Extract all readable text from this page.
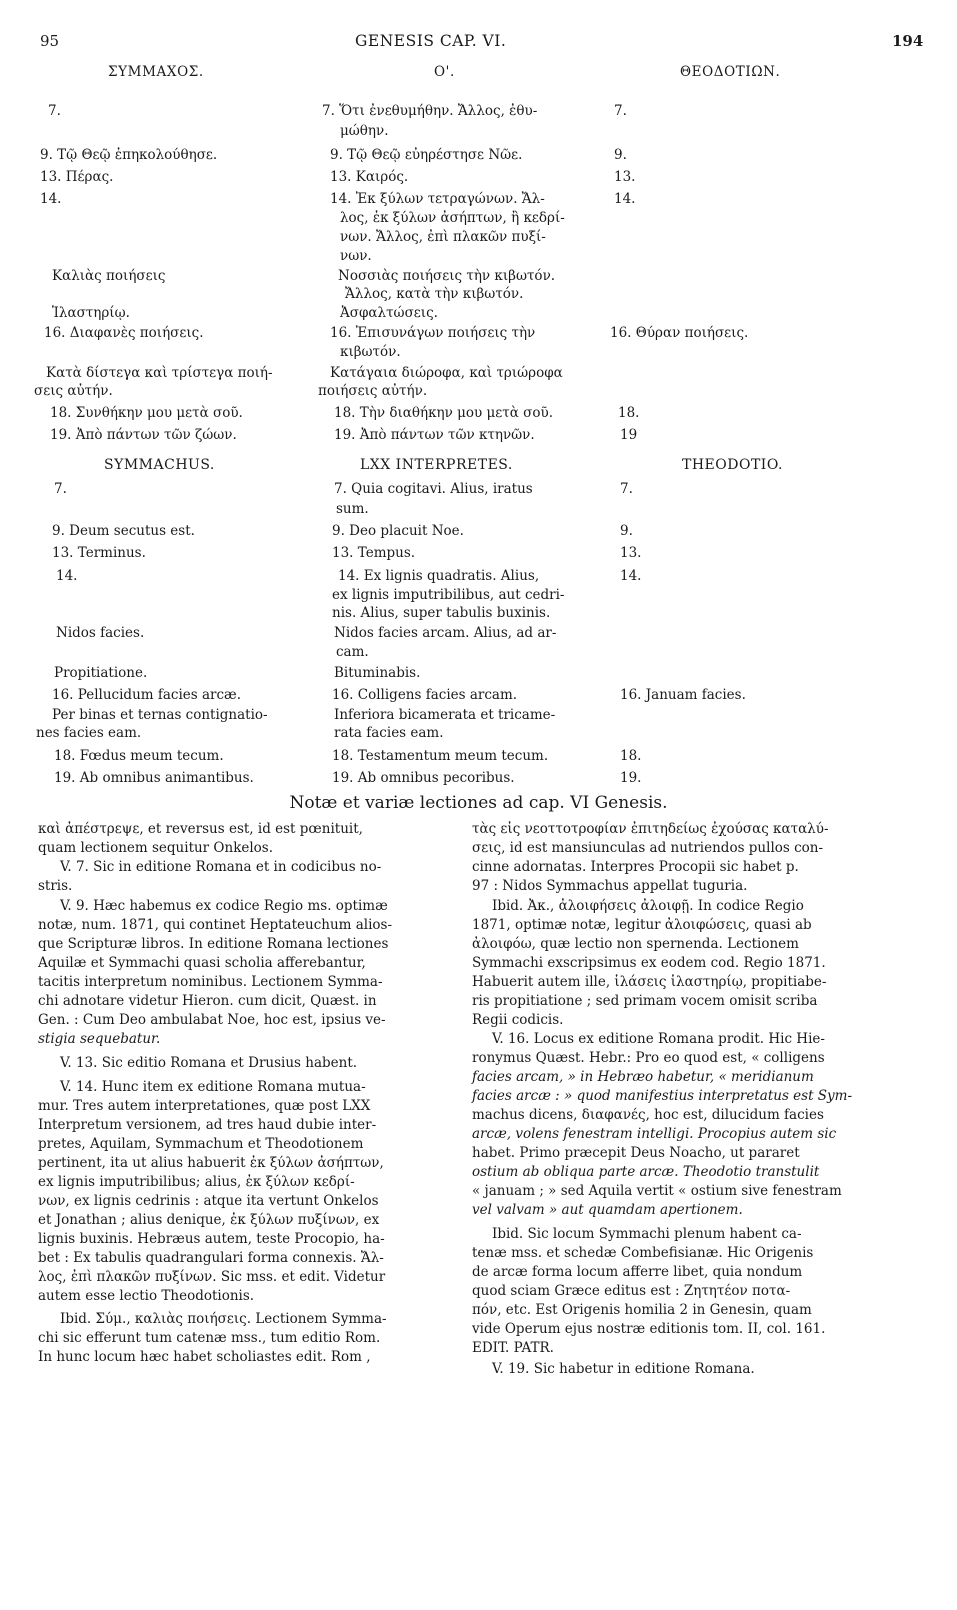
95	GENESIS CAP. VI.	194
ΣΥΜΜΑΧΟΣ.	Ο'.	ΘΕΟΔΟΤΙΩΝ.
7.	7. Ὅτι ἐνεθυμήθην. Ἄλλος, ἐθυ-	7.
μώθην.
9. Τῷ Θεῷ ἐπηκολούθησε.	9. Τῷ Θεῷ εὐηρέστησε Νῶε.	9.
13. Πέρας.	13. Καιρός.	13.
14.	14. Ἐκ ξύλων τετραγώνων. Ἄλ-	14.
λος, ἐκ ξύλων ἀσήπτων, ἢ κεδρί-
νων. Ἄλλος, ἐπὶ πλακῶν πυξί-
νων.
Καλιὰς ποιήσεις	Νοσσιὰς ποιήσεις τὴν κιβωτόν.
Ἄλλος, κατὰ τὴν κιβωτόν.
Ἱλαστηρίῳ.	Ἀσφαλτώσεις.
16. Διαφανὲς ποιήσεις.	16. Ἐπισυνάγων ποιήσεις τὴν	16. Θύραν ποιήσεις.
κιβωτόν.
Κατὰ δίστεγα καὶ τρίστεγα ποιή-	Κατάγαια διώροφα, καὶ τριώροφα
σεις αὐτήν.	ποιήσεις αὐτήν.
18. Συνθήκην μου μετὰ σοῦ.	18. Τὴν διαθήκην μου μετὰ σοῦ.	18.
19. Ἀπὸ πάντων τῶν ζώων.	19. Ἀπὸ πάντων τῶν κτηνῶν.	19
SYMMACHUS.	LXX INTERPRETES.	THEODOTIO.
7.	7. Quia cogitavi. Alius, iratus	7.
sum.
9. Deum secutus est.	9. Deo placuit Noe.	9.
13. Terminus.	13. Tempus.	13.
14.	14. Ex lignis quadratis. Alius,	14.
ex lignis imputribilibus, aut cedri-
nis. Alius, super tabulis buxinis.
Nidos facies.	Nidos facies arcam. Alius, ad ar-
cam.
Propitiatione.	Bituminabis.
16. Pellucidum facies arcæ.	16. Colligens facies arcam.	16. Januam facies.
Per binas et ternas contignatio-	Inferiora bicamerata et tricame-
nes facies eam.	rata facies eam.
18. Fœdus meum tecum.	18. Testamentum meum tecum.	18.
19. Ab omnibus animantibus.	19. Ab omnibus pecoribus.	19.
Notæ et variæ lectiones ad cap. VI Genesis.
καὶ ἀπέστρεψε, et reversus est, id est pœnituit,
quam lectionem sequitur Onkelos.
V. 7. Sic in editione Romana et in codicibus no-
stris.
V. 9. Hæc habemus ex codice Regio ms. optimæ
notæ, num. 1871, qui continet Heptateuchum alios-
que Scripturæ libros. In editione Romana lectiones
Aquilæ et Symmachi quasi scholia afferebantur,
tacitis interpretum nominibus. Lectionem Symma-
chi adnotare videtur Hieron. cum dicit, Quæst. in
Gen. : Cum Deo ambulabat Noe, hoc est, ipsius ve-
stigia sequebatur.
V. 13. Sic editio Romana et Drusius habent.
V. 14. Hunc item ex editione Romana mutua-
mur. Tres autem interpretationes, quæ post LXX
Interpretum versionem, ad tres haud dubie inter-
pretes, Aquilam, Symmachum et Theodotionem
pertinent, ita ut alius habuerit ἐκ ξύλων ἀσήπτων,
ex lignis imputribilibus; alius, ἐκ ξύλων κεδρί-
νων, ex lignis cedrinis : atque ita vertunt Onkelos
et Jonathan ; alius denique, ἐκ ξύλων πυξίνων, ex
lignis buxinis. Hebræus autem, teste Procopio, ha-
bet : Ex tabulis quadrangulari forma connexis. Ἄλ-
λος, ἐπὶ πλακῶν πυξίνων. Sic mss. et edit. Videtur
autem esse lectio Theodotionis.
Ibid. Σύμ., καλιὰς ποιήσεις. Lectionem Symma-
chi sic efferunt tum catenæ mss., tum editio Rom.
In hunc locum hæc habet scholiastes edit. Rom ,
τὰς εἰς νεοττοτροφίαν ἐπιτηδείως ἐχούσας καταλύ-
σεις, id est mansiunculas ad nutriendos pullos con-
cinne adornatas. Interpres Procopii sic habet p.
97 : Nidos Symmachus appellat tuguria.
Ibid. Ἀκ., ἀλοιφήσεις ἀλοιφῇ. In codice Regio
1871, optimæ notæ, legitur ἀλοιφώσεις, quasi ab
ἀλοιφόω, quæ lectio non spernenda. Lectionem
Symmachi exscripsimus ex eodem cod. Regio 1871.
Habuerit autem ille, ἱλάσεις ἱλαστηρίῳ, propitiabe-
ris propitiatione ; sed primam vocem omisit scriba
Regii codicis.
V. 16. Locus ex editione Romana prodit. Hic Hie-
ronymus Quæst. Hebr.: Pro eo quod est, « colligens
facies arcam, » in Hebræo habetur, « meridianum
facies arcæ : » quod manifestius interpretatus est Sym-
machus dicens, διαφανές, hoc est, dilucidum facies
arcæ, volens fenestram intelligi. Procopius autem sic
habet. Primo præcepit Deus Noacho, ut pararet
ostium ab obliqua parte arcæ. Theodotio transtulit
« januam ; » sed Aquila vertit « ostium sive fenestram
vel valvam » aut quamdam apertionem.
Ibid. Sic locum Symmachi plenum habent ca-
tenæ mss. et schedæ Combefisianæ. Hic Origenis
de arcæ forma locum afferre libet, quia nondum
quod sciam Græce editus est : Ζητητέον ποτα-
πόν, etc. Est Origenis homilia 2 in Genesin, quam
vide Operum ejus nostræ editionis tom. II, col. 161.
EDIT. PATR.
V. 19. Sic habetur in editione Romana.
